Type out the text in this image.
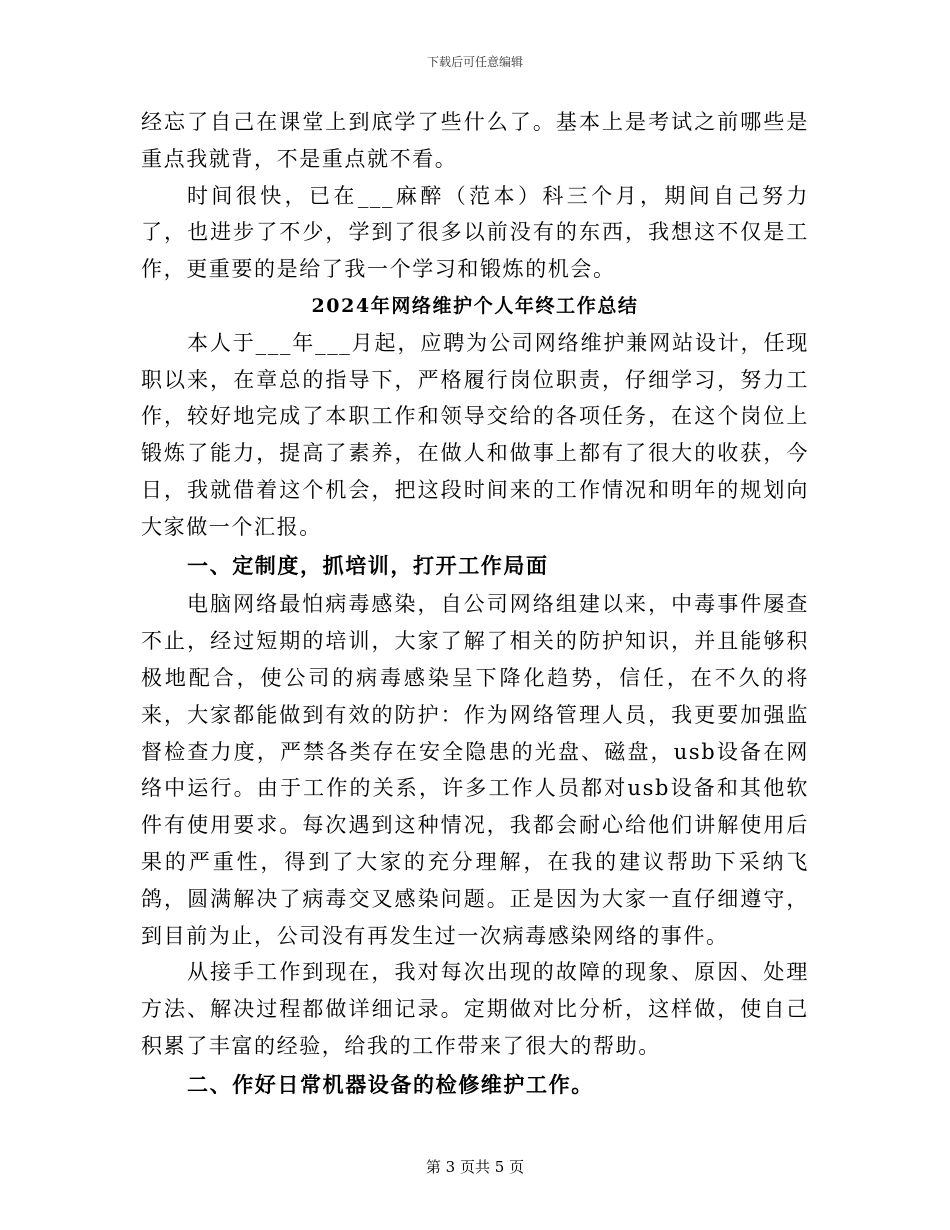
下载后可任意编辑

经忘了自己在课堂上到底学了些什么了。基本上是考试之前哪些是重点我就背，不是重点就不看。

时间很快，已在___麻醉（范本）科三个月，期间自己努力了，也进步了不少，学到了很多以前没有的东西，我想这不仅是工作，更重要的是给了我一个学习和锻炼的机会。

2024年网络维护个人年终工作总结

本人于___年___月起，应聘为公司网络维护兼网站设计，任现职以来，在章总的指导下，严格履行岗位职责，仔细学习，努力工作，较好地完成了本职工作和领导交给的各项任务，在这个岗位上锻炼了能力，提高了素养，在做人和做事上都有了很大的收获，今日，我就借着这个机会，把这段时间来的工作情况和明年的规划向大家做一个汇报。

一、定制度，抓培训，打开工作局面

电脑网络最怕病毒感染，自公司网络组建以来，中毒事件屡查不止，经过短期的培训，大家了解了相关的防护知识，并且能够积极地配合，使公司的病毒感染呈下降化趋势，信任，在不久的将来，大家都能做到有效的防护：作为网络管理人员，我更要加强监督检查力度，严禁各类存在安全隐患的光盘、磁盘，usb设备在网络中运行。由于工作的关系，许多工作人员都对usb设备和其他软件有使用要求。每次遇到这种情况，我都会耐心给他们讲解使用后果的严重性，得到了大家的充分理解，在我的建议帮助下采纳飞鸽，圆满解决了病毒交叉感染问题。正是因为大家一直仔细遵守，到目前为止，公司没有再发生过一次病毒感染网络的事件。

从接手工作到现在，我对每次出现的故障的现象、原因、处理方法、解决过程都做详细记录。定期做对比分析，这样做，使自己积累了丰富的经验，给我的工作带来了很大的帮助。

二、作好日常机器设备的检修维护工作。

第 3 页共 5 页
